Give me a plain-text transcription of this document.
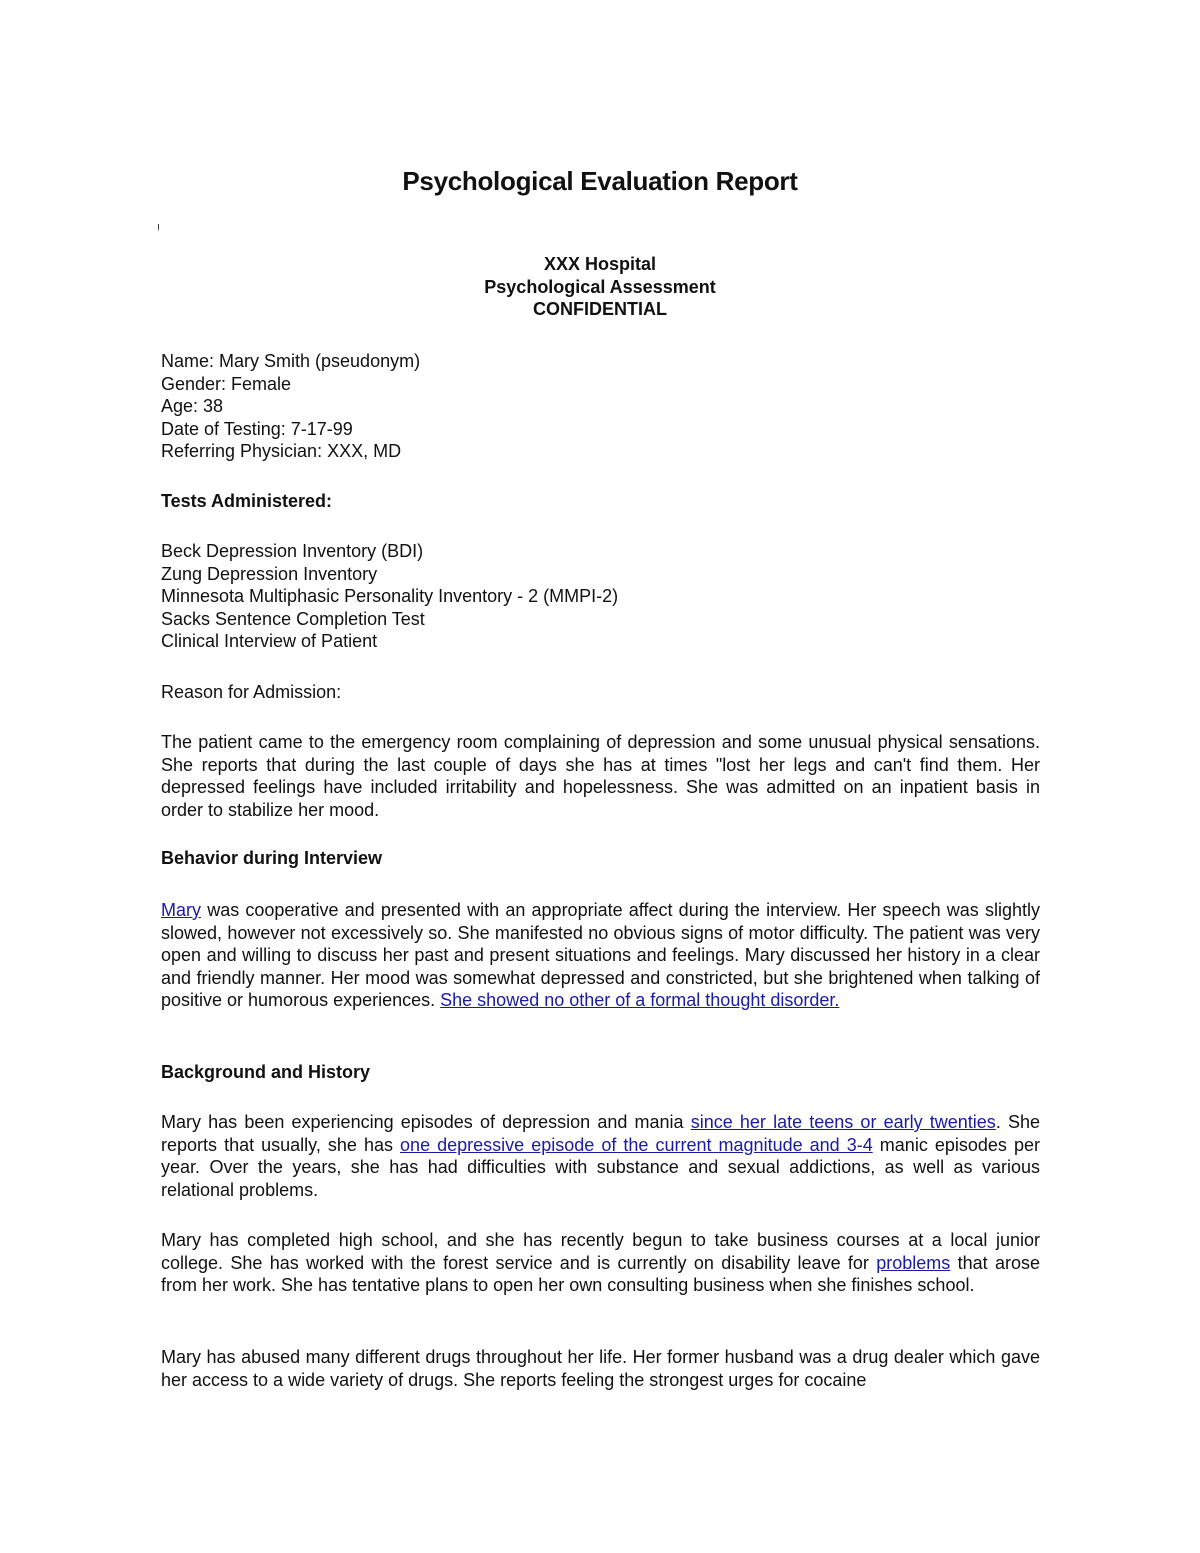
Psychological Evaluation Report
XXX Hospital
Psychological Assessment
CONFIDENTIAL
Name: Mary Smith (pseudonym)
Gender: Female
Age: 38
Date of Testing: 7-17-99
Referring Physician: XXX, MD
Tests Administered:
Beck Depression Inventory (BDI)
Zung Depression Inventory
Minnesota Multiphasic Personality Inventory - 2 (MMPI-2)
Sacks Sentence Completion Test
Clinical Interview of Patient
Reason for Admission:
The patient came to the emergency room complaining of depression and some unusual physical sensations. She reports that during the last couple of days she has at times "lost her legs and can't find them. Her depressed feelings have included irritability and hopelessness. She was admitted on an inpatient basis in order to stabilize her mood.
Behavior during Interview
Mary was cooperative and presented with an appropriate affect during the interview. Her speech was slightly slowed, however not excessively so. She manifested no obvious signs of motor difficulty. The patient was very open and willing to discuss her past and present situations and feelings. Mary discussed her history in a clear and friendly manner. Her mood was somewhat depressed and constricted, but she brightened when talking of positive or humorous experiences. She showed no other of a formal thought disorder.
Background and History
Mary has been experiencing episodes of depression and mania since her late teens or early twenties. She reports that usually, she has one depressive episode of the current magnitude and 3-4 manic episodes per year. Over the years, she has had difficulties with substance and sexual addictions, as well as various relational problems.
Mary has completed high school, and she has recently begun to take business courses at a local junior college. She has worked with the forest service and is currently on disability leave for problems that arose from her work. She has tentative plans to open her own consulting business when she finishes school.
Mary has abused many different drugs throughout her life. Her former husband was a drug dealer which gave her access to a wide variety of drugs. She reports feeling the strongest urges for cocaine
